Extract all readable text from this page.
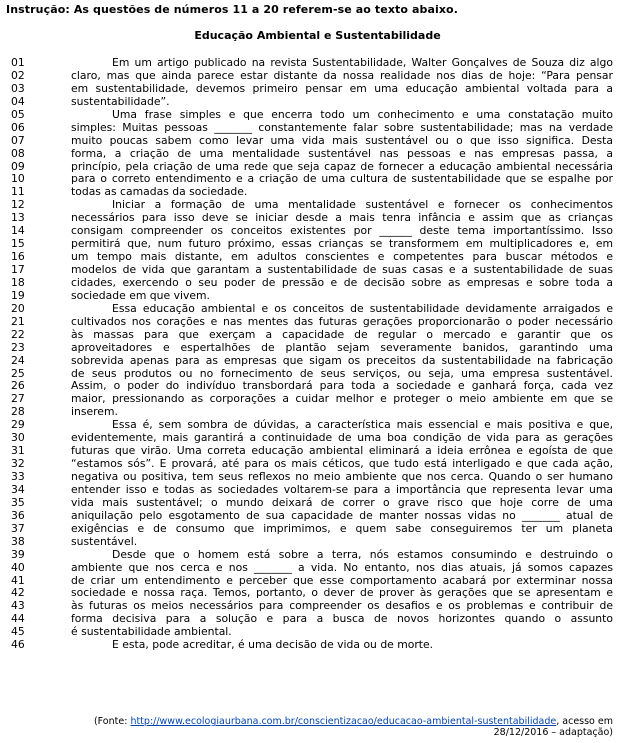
Instrução: As questões de números 11 a 20 referem-se ao texto abaixo.
Educação Ambiental e Sustentabilidade
01	Em um artigo publicado na revista Sustentabilidade, Walter Gonçalves de Souza diz algo
02	claro, mas que ainda parece estar distante da nossa realidade nos dias de hoje: “Para pensar
03	em sustentabilidade, devemos primeiro pensar em uma educação ambiental voltada para a
04	sustentabilidade”.
05	Uma frase simples e que encerra todo um conhecimento e uma constatação muito
06	simples: Muitas pessoas _______ constantemente falar sobre sustentabilidade; mas na verdade
07	muito poucas sabem como levar uma vida mais sustentável ou o que isso significa. Desta
08	forma, a criação de uma mentalidade sustentável nas pessoas e nas empresas passa, a
09	princípio, pela criação de uma rede que seja capaz de fornecer a educação ambiental necessária
10	para o correto entendimento e a criação de uma cultura de sustentabilidade que se espalhe por
11	todas as camadas da sociedade.
12	Iniciar a formação de uma mentalidade sustentável e fornecer os conhecimentos
13	necessários para isso deve se iniciar desde a mais tenra infância e assim que as crianças
14	consigam compreender os conceitos existentes por ______ deste tema importantíssimo. Isso
15	permitirá que, num futuro próximo, essas crianças se transformem em multiplicadores e, em
16	um tempo mais distante, em adultos conscientes e competentes para buscar métodos e
17	modelos de vida que garantam a sustentabilidade de suas casas e a sustentabilidade de suas
18	cidades, exercendo o seu poder de pressão e de decisão sobre as empresas e sobre toda a
19	sociedade em que vivem.
20	Essa educação ambiental e os conceitos de sustentabilidade devidamente arraigados e
21	cultivados nos corações e nas mentes das futuras gerações proporcionarão o poder necessário
22	às massas para que exerçam a capacidade de regular o mercado e garantir que os
23	aproveitadores e espertalhões de plantão sejam severamente banidos, garantindo uma
24	sobrevida apenas para as empresas que sigam os preceitos da sustentabilidade na fabricação
25	de seus produtos ou no fornecimento de seus serviços, ou seja, uma empresa sustentável.
26	Assim, o poder do indivíduo transbordará para toda a sociedade e ganhará força, cada vez
27	maior, pressionando as corporações a cuidar melhor e proteger o meio ambiente em que se
28	inserem.
29	Essa é, sem sombra de dúvidas, a característica mais essencial e mais positiva e que,
30	evidentemente, mais garantirá a continuidade de uma boa condição de vida para as gerações
31	futuras que virão. Uma correta educação ambiental eliminará a ideia errônea e egoísta de que
32	“estamos sós”. E provará, até para os mais céticos, que tudo está interligado e que cada ação,
33	negativa ou positiva, tem seus reflexos no meio ambiente que nos cerca. Quando o ser humano
34	entender isso e todas as sociedades voltarem-se para a importância que representa levar uma
35	vida mais sustentável; o mundo deixará de correr o grave risco que hoje corre de uma
36	aniquilação pelo esgotamento de sua capacidade de manter nossas vidas no _______ atual de
37	exigências e de consumo que imprimimos, e quem sabe conseguiremos ter um planeta
38	sustentável.
39	Desde que o homem está sobre a terra, nós estamos consumindo e destruindo o
40	ambiente que nos cerca e nos _______ a vida. No entanto, nos dias atuais, já somos capazes
41	de criar um entendimento e perceber que esse comportamento acabará por exterminar nossa
42	sociedade e nossa raça. Temos, portanto, o dever de prover às gerações que se apresentam e
43	às futuras os meios necessários para compreender os desafios e os problemas e contribuir de
44	forma decisiva para a solução e para a busca de novos horizontes quando o assunto
45	é sustentabilidade ambiental.
46	E esta, pode acreditar, é uma decisão de vida ou de morte.
(Fonte: http://www.ecologiaurbana.com.br/conscientizacao/educacao-ambiental-sustentabilidade, acesso em
28/12/2016 – adaptação)
